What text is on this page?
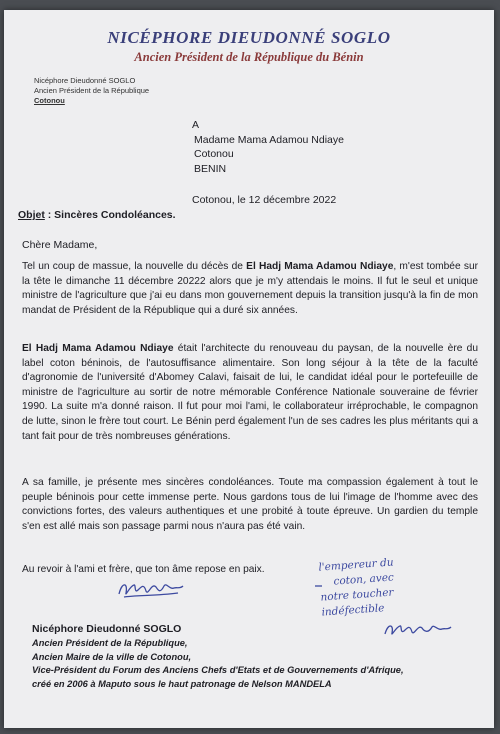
NICÉPHORE DIEUDONNÉ SOGLO
Ancien Président de la République du Bénin
Nicéphore Dieudonné SOGLO
Ancien Président de la République
Cotonou
A
Madame Mama Adamou Ndiaye
Cotonou
BENIN
Cotonou, le 12 décembre 2022
Objet : Sincères Condoléances.
Chère Madame,
Tel un coup de massue, la nouvelle du décès de El Hadj Mama Adamou Ndiaye, m'est tombée sur la tête le dimanche 11 décembre 20222 alors que je m'y attendais le moins. Il fut le seul et unique ministre de l'agriculture que j'ai eu dans mon gouvernement depuis la transition jusqu'à la fin de mon mandat de Président de la République qui a duré six années.
El Hadj Mama Adamou Ndiaye était l'architecte du renouveau du paysan, de la nouvelle ère du label coton béninois, de l'autosuffisance alimentaire. Son long séjour à la tête de la faculté d'agronomie de l'université d'Abomey Calavi, faisait de lui, le candidat idéal pour le portefeuille de ministre de l'agriculture au sortir de notre mémorable Conférence Nationale souveraine de février 1990. La suite m'a donné raison. Il fut pour moi l'ami, le collaborateur irréprochable, le compagnon de lutte, sinon le frère tout court. Le Bénin perd également l'un de ses cadres les plus méritants qui a tant fait pour de très nombreuses générations.
A sa famille, je présente mes sincères condoléances. Toute ma compassion également à tout le peuple béninois pour cette immense perte. Nous gardons tous de lui l'image de l'homme avec des convictions fortes, des valeurs authentiques et une probité à toute épreuve. Un gardien du temple s'en est allé mais son passage parmi nous n'aura pas été vain.
Au revoir à l'ami et frère, que ton âme repose en paix.	l'empereur du
coton, avec
notre toucher
indéfectible
Nicéphore Dieudonné SOGLO
Ancien Président de la République,
Ancien Maire de la ville de Cotonou,
Vice-Président du Forum des Anciens Chefs d'Etats et de Gouvernements d'Afrique,
créé en 2006 à Maputo sous le haut patronage de Nelson MANDELA
